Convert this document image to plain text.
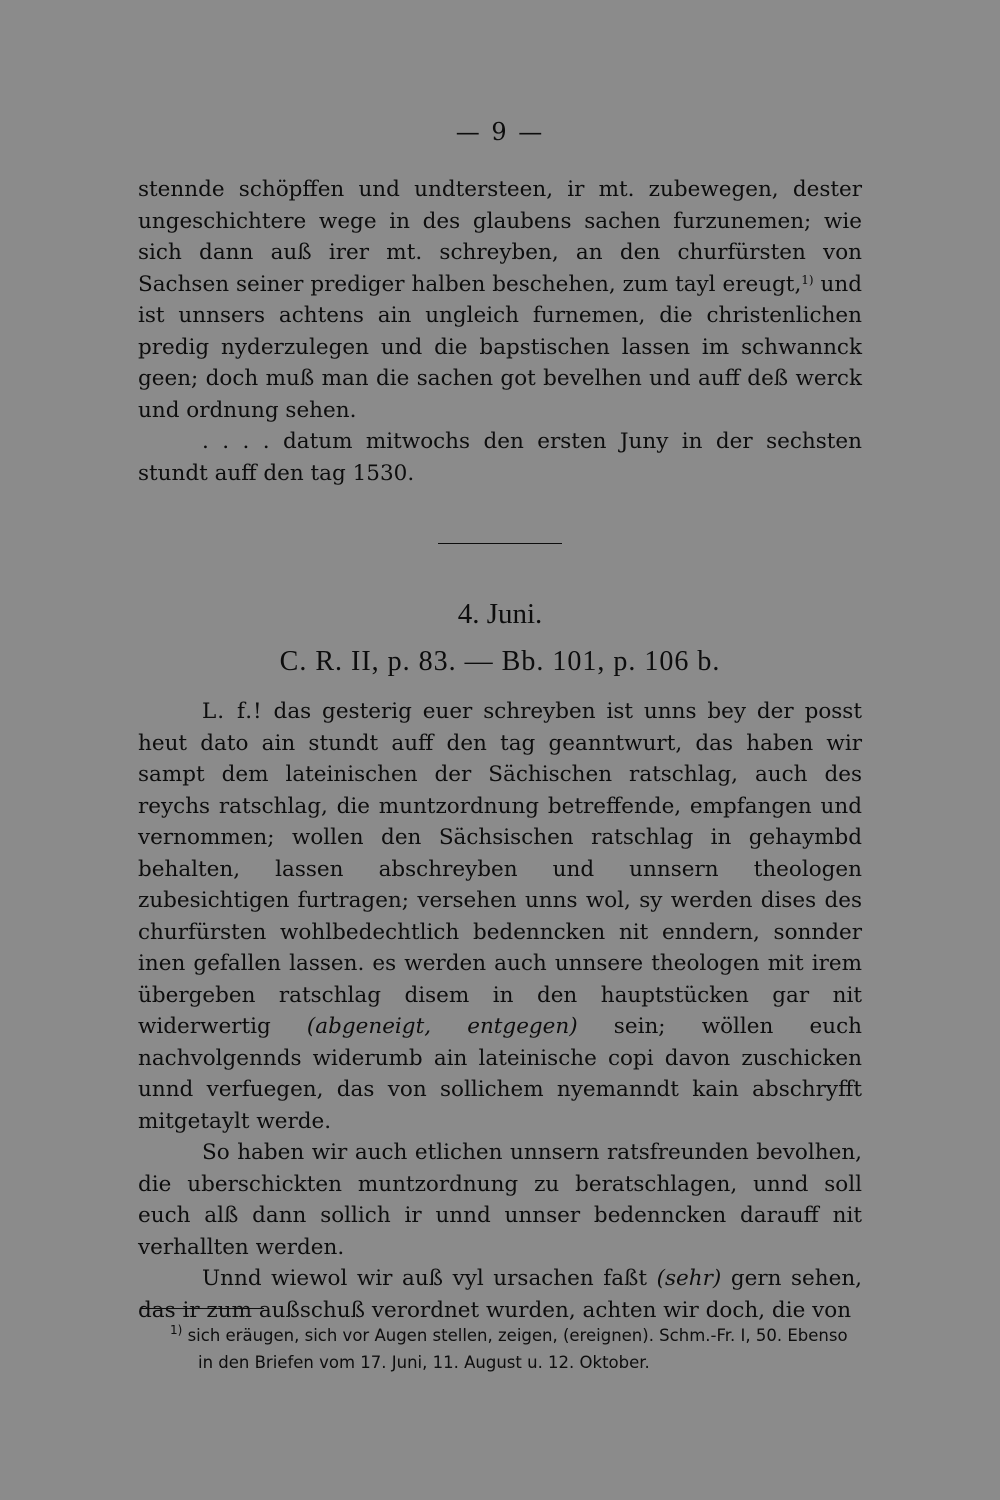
— 9 —

stennde schöpffen und undtersteen, ir mt. zubewegen, dester ungeschichtere wege in des glaubens sachen furzunemen; wie sich dann auß irer mt. schreyben, an den churfürsten von Sachsen seiner prediger halben beschehen, zum tayl ereugt,$^{1)}$ und ist unnsers achtens ain ungleich furnemen, die christenlichen predig nyderzulegen und die bapstischen lassen im schwannck geen; doch muß man die sachen got bevelhen und auff deß werck und ordnung sehen.

. . . . datum mitwochs den ersten Juny in der sechsten stundt auff den tag 1530.

4. Juni.
C. R. II, p. 83. — Bb. 101, p. 106 b.

L. f.! das gesterig euer schreyben ist unns bey der posst heut dato ain stundt auff den tag geanntwurt, das haben wir sampt dem lateinischen der Sächischen ratschlag, auch des reychs ratschlag, die muntzordnung betreffende, empfangen und vernommen; wollen den Sächsischen ratschlag in gehaymbd behalten, lassen abschreyben und unnsern theologen zubesichtigen furtragen; versehen unns wol, sy werden dises des churfürsten wohlbedechtlich bedenncken nit enndern, sonnder inen gefallen lassen. es werden auch unnsere theologen mit irem übergeben ratschlag disem in den hauptstücken gar nit widerwertig (abgeneigt, entgegen) sein; wöllen euch nachvolgennds widerumb ain lateinische copi davon zuschicken unnd verfuegen, das von sollichem nyemanndt kain abschryfft mitgetaylt werde.

So haben wir auch etlichen unnsern ratsfreunden bevolhen, die uberschickten muntzordnung zu beratschlagen, unnd soll euch alß dann sollich ir unnd unnser bedenncken darauff nit verhallten werden.

Unnd wiewol wir auß vyl ursachen faßt (sehr) gern sehen, das ir zum außschuß verordnet wurden, achten wir doch, die von

$^{1)}$ sich eräugen, sich vor Augen stellen, zeigen, (ereignen). Schm.-Fr. I, 50. Ebenso in den Briefen vom 17. Juni, 11. August u. 12. Oktober.
